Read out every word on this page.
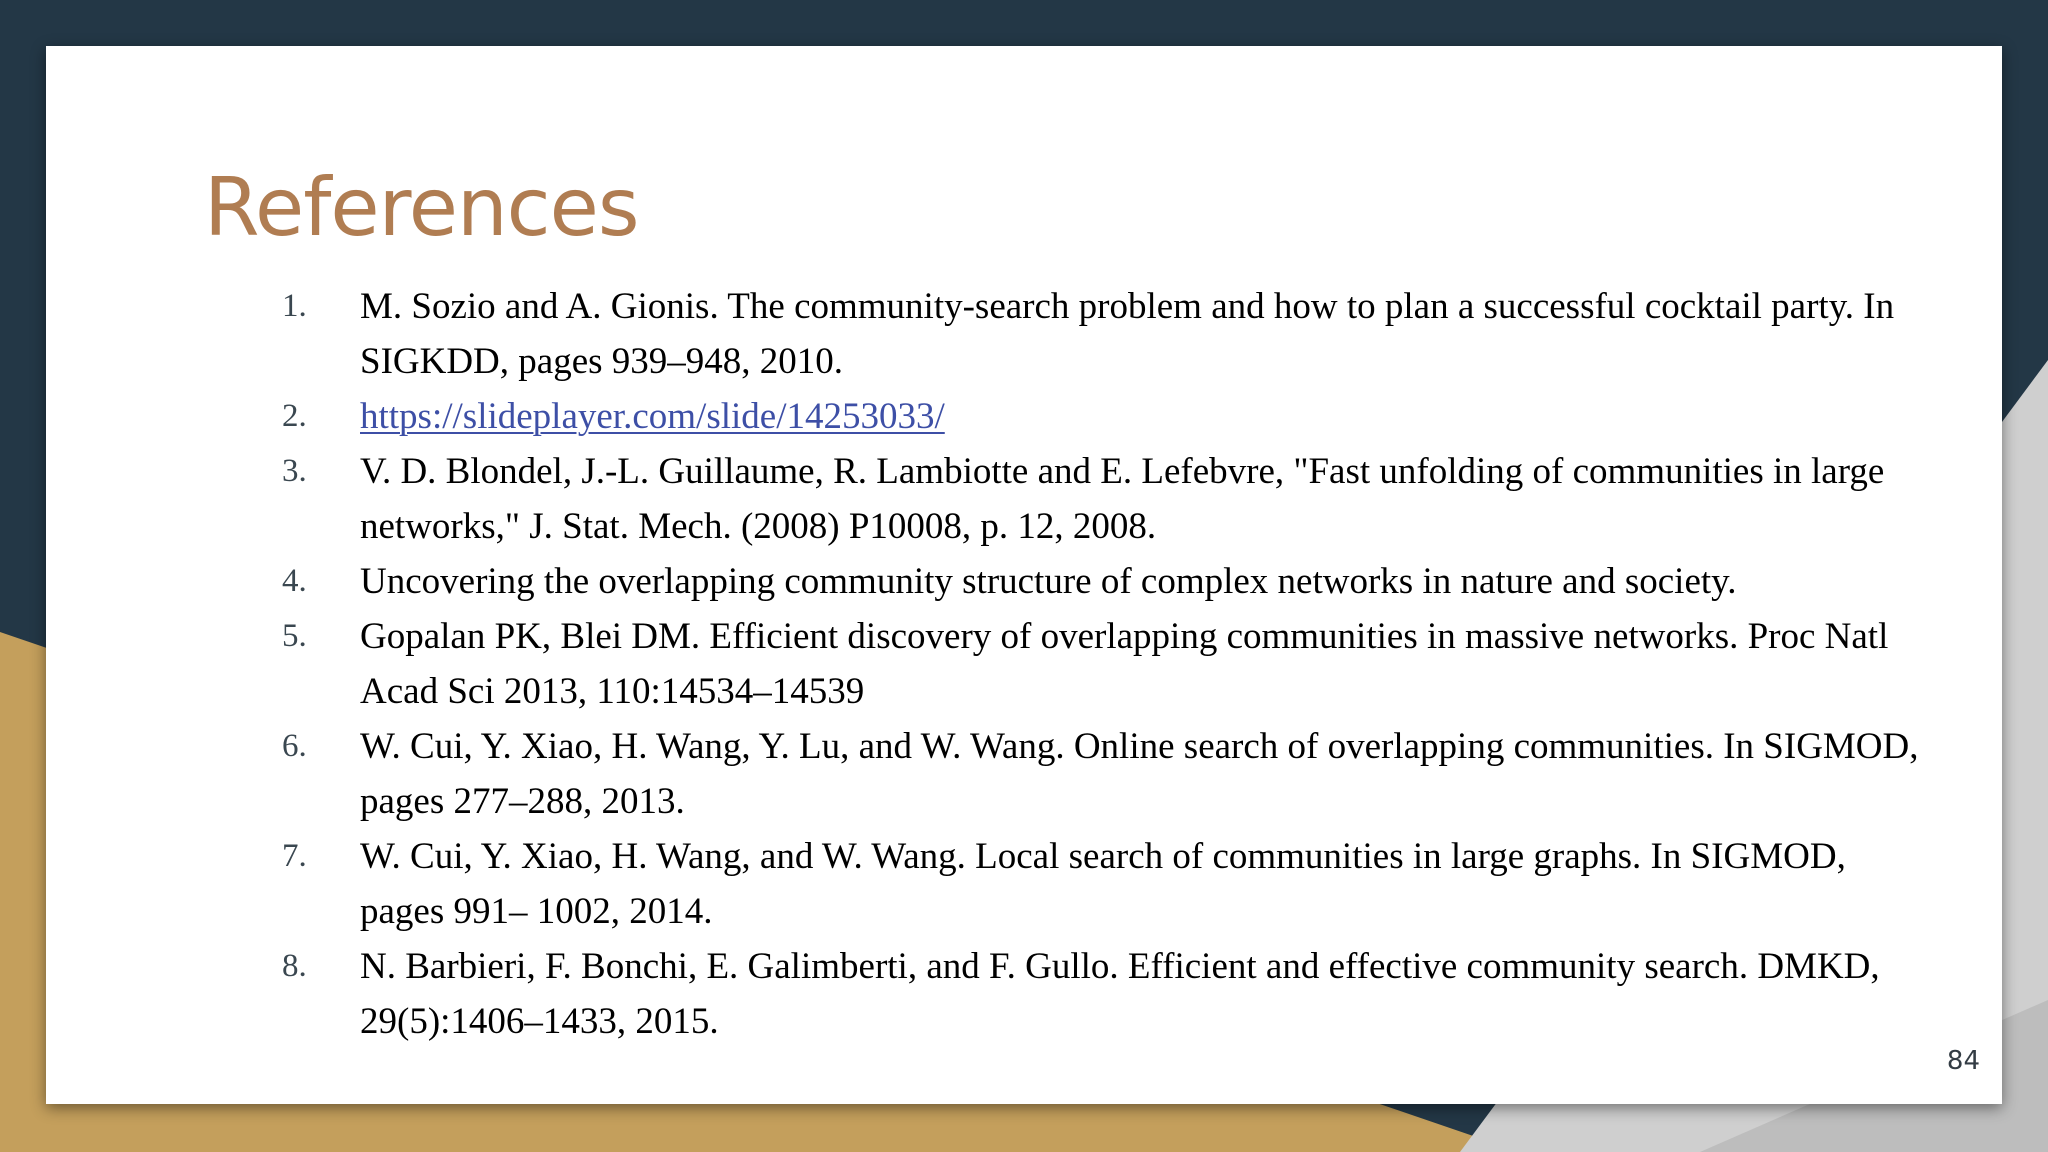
References
1. M. Sozio and A. Gionis. The community-search problem and how to plan a successful cocktail party. In SIGKDD, pages 939–948, 2010.
2. https://slideplayer.com/slide/14253033/
3. V. D. Blondel, J.-L. Guillaume, R. Lambiotte and E. Lefebvre, "Fast unfolding of communities in large networks," J. Stat. Mech. (2008) P10008, p. 12, 2008.
4. Uncovering the overlapping community structure of complex networks in nature and society.
5. Gopalan PK, Blei DM. Efficient discovery of overlapping communities in massive networks. Proc Natl Acad Sci 2013, 110:14534–14539
6. W. Cui, Y. Xiao, H. Wang, Y. Lu, and W. Wang. Online search of overlapping communities. In SIGMOD, pages 277–288, 2013.
7. W. Cui, Y. Xiao, H. Wang, and W. Wang. Local search of communities in large graphs. In SIGMOD, pages 991– 1002, 2014.
8. N. Barbieri, F. Bonchi, E. Galimberti, and F. Gullo. Efficient and effective community search. DMKD, 29(5):1406–1433, 2015.
84
